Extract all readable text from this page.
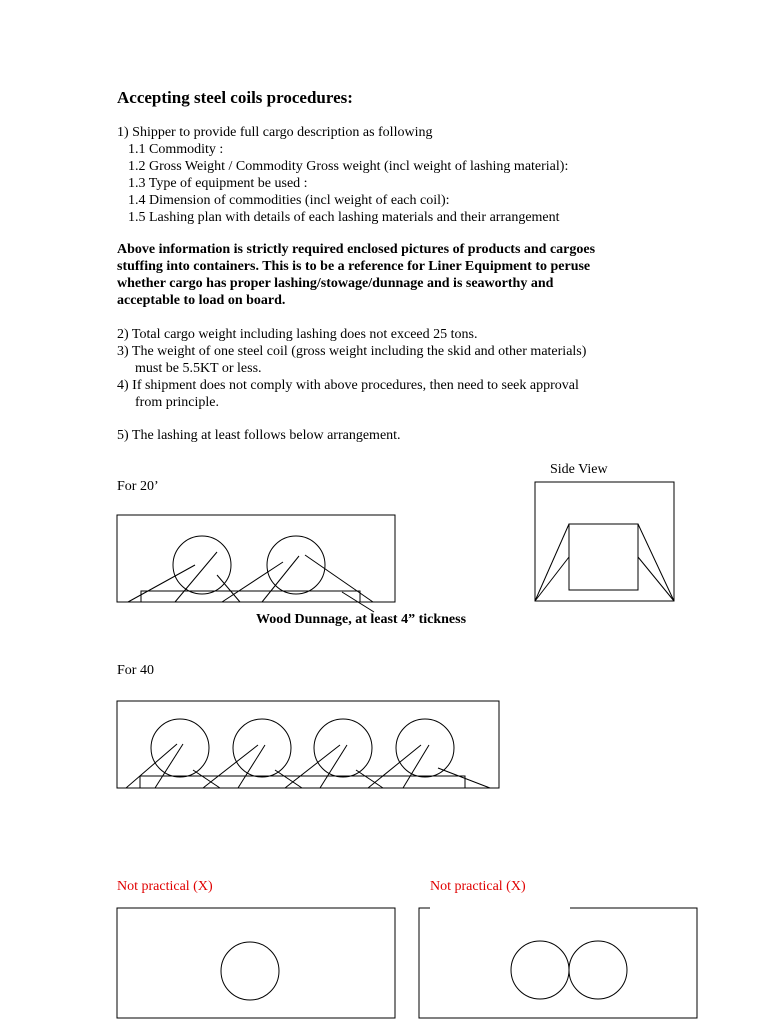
Accepting steel coils procedures:
1) Shipper to provide full cargo description as following
1.1 Commodity :
1.2 Gross Weight / Commodity Gross weight (incl weight of lashing material):
1.3 Type of equipment be used :
1.4 Dimension of commodities (incl weight of each coil):
1.5 Lashing plan with details of each lashing materials and their arrangement
Above information is strictly required enclosed pictures of products and cargoes
stuffing into containers. This is to be a reference for Liner Equipment to peruse
whether cargo has proper lashing/stowage/dunnage and is seaworthy and
acceptable to load on board.
2) Total cargo weight including lashing does not exceed 25 tons.
3) The weight of one steel coil (gross weight including the skid and other materials)
must be 5.5KT or less.
4) If shipment does not comply with above procedures, then need to seek approval
from principle.
5) The lashing at least follows below arrangement.
Side View
For 20’
Wood Dunnage, at least 4” tickness
For 40
Not practical (X)	Not practical (X)
